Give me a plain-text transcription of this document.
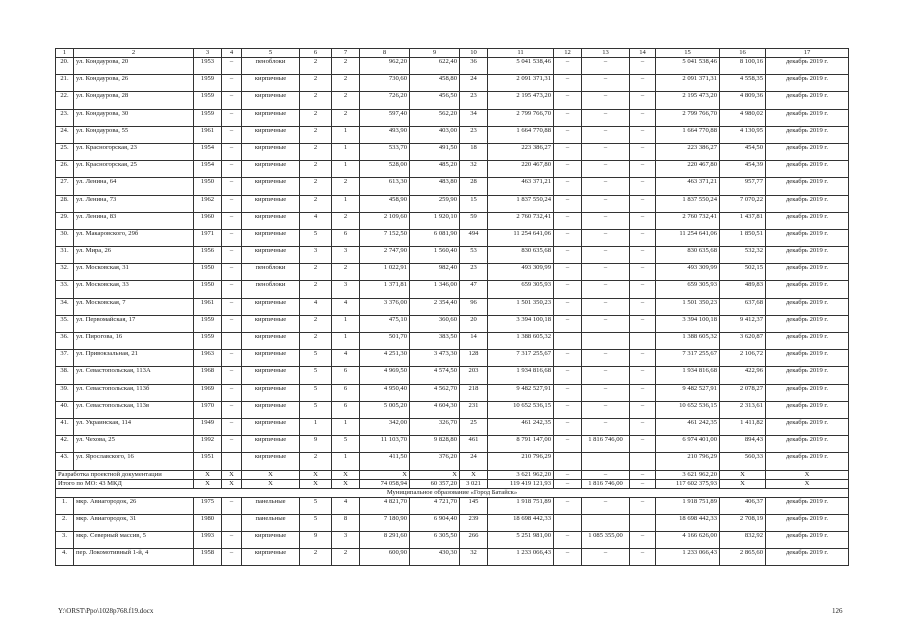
1	2	3	4	5	6	7	8	9	10	11	12	13	14	15	16	17
20.	ул. Кондаурова, 20	1953	–	пеноблоки	2	2	962,20	622,40	36	5 041 538,46	–	–	–	5 041 538,46	8 100,16	декабрь 2019 г.
21.	ул. Кондаурова, 26	1959	–	кирпичные	2	2	730,60	458,80	24	2 091 371,31	–	–	–	2 091 371,31	4 558,35	декабрь 2019 г.
22.	ул. Кондаурова, 28	1959	–	кирпичные	2	2	726,20	456,50	23	2 195 473,20	–	–	–	2 195 473,20	4 809,36	декабрь 2019 г.
23.	ул. Кондаурова, 30	1959	–	кирпичные	2	2	597,40	562,20	34	2 799 766,70	–	–	–	2 799 766,70	4 980,02	декабрь 2019 г.
24.	ул. Кондаурова, 55	1961	–	кирпичные	2	1	493,90	403,00	23	1 664 770,88	–	–	–	1 664 770,88	4 130,95	декабрь 2019 г.
25.	ул. Красногорская, 23	1954	–	кирпичные	2	1	533,70	491,50	18	223 386,27	–	–	–	223 386,27	454,50	декабрь 2019 г.
26.	ул. Красногорская, 25	1954	–	кирпичные	2	1	528,00	485,20	32	220 467,80	–	–	–	220 467,80	454,39	декабрь 2019 г.
27.	ул. Ленина, 64	1950	–	кирпичные	2	2	613,30	483,80	28	463 371,21	–	–	–	463 371,21	957,77	декабрь 2019 г.
28.	ул. Ленина, 73	1962	–	кирпичные	2	1	458,90	259,90	15	1 837 550,24	–	–	–	1 837 550,24	7 070,22	декабрь 2019 г.
29.	ул. Ленина, 83	1960	–	кирпичные	4	2	2 109,60	1 920,10	59	2 760 732,41	–	–	–	2 760 732,41	1 437,81	декабрь 2019 г.
30.	ул. Макаровского, 29б	1971	–	кирпичные	5	6	7 152,50	6 081,90	494	11 254 641,06	–	–	–	11 254 641,06	1 850,51	декабрь 2019 г.
31.	ул. Мира, 26	1956	–	кирпичные	3	3	2 747,90	1 560,40	53	830 635,68	–	–	–	830 635,68	532,32	декабрь 2019 г.
32.	ул. Московская, 31	1950	–	пеноблоки	2	2	1 022,91	982,40	23	493 309,99	–	–	–	493 309,99	502,15	декабрь 2019 г.
33.	ул. Московская, 33	1950	–	пеноблоки	2	3	1 371,81	1 346,00	47	659 305,93	–	–	–	659 305,93	489,83	декабрь 2019 г.
34.	ул. Московская, 7	1961	–	кирпичные	4	4	3 376,00	2 354,40	96	1 501 350,23	–	–	–	1 501 350,23	637,68	декабрь 2019 г.
35.	ул. Первомайская, 17	1959	–	кирпичные	2	1	475,10	360,60	20	3 394 100,18	–	–	–	3 394 100,18	9 412,37	декабрь 2019 г.
36.	ул. Пирогова, 16	1959		кирпичные	2	1	501,70	383,50	14	1 388 605,32				1 388 605,32	3 620,87	декабрь 2019 г.
37.	ул. Привокзальная, 21	1963	–	кирпичные	5	4	4 251,30	3 473,30	128	7 317 255,67	–	–	–	7 317 255,67	2 106,72	декабрь 2019 г.
38.	ул. Севастопольская, 113А	1968	–	кирпичные	5	6	4 969,50	4 574,50	203	1 934 816,68	–	–	–	1 934 816,68	422,96	декабрь 2019 г.
39.	ул. Севастопольская, 113б	1969	–	кирпичные	5	6	4 950,40	4 562,70	218	9 482 527,91	–	–	–	9 482 527,91	2 078,27	декабрь 2019 г.
40.	ул. Севастопольская, 113в	1970	–	кирпичные	5	6	5 005,20	4 604,30	231	10 652 536,15	–	–	–	10 652 536,15	2 313,61	декабрь 2019 г.
41.	ул. Украинская, 114	1949	–	кирпичные	1	1	342,00	326,70	25	461 242,35	–	–	–	461 242,35	1 411,82	декабрь 2019 г.
42.	ул. Чехова, 25	1992	–	кирпичные	9	5	11 103,70	9 828,80	461	8 791 147,00	–	1 816 746,00	–	6 974 401,00	894,43	декабрь 2019 г.
43.	ул. Ярославского, 16	1951		кирпичные	2	1	411,50	376,20	24	210 796,29				210 796,29	560,33	декабрь 2019 г.
Разработка проектной документации		X	X	X	X	X	X	X	X	3 621 962,20	–	–	–	3 621 962,20	X	X
Итого по МО: 43 МКД		X	X	X	X	X	74 058,94	60 357,20	3 021	119 419 121,93	–	1 816 746,00	–	117 602 375,93	X	X
Муниципальное образование «Город Батайск»																
1.	мкр. Авиагородок, 26	1975	–	панельные	5	4	4 821,70	4 721,70	145	1 918 751,89	–	–	–	1 918 751,89	406,37	декабрь 2019 г.
2.	мкр. Авиагородок, 31	1980		панельные	5	8	7 180,90	6 904,40	239	18 698 442,33				18 698 442,33	2 708,19	декабрь 2019 г.
3.	мкр. Северный массив, 5	1993	–	кирпичные	9	3	8 291,60	6 305,50	266	5 251 981,00	–	1 085 355,00	–	4 166 626,00	832,92	декабрь 2019 г.
4.	пер. Локомотивный 1-й, 4	1958	–	кирпичные	2	2	600,90	430,30	32	1 233 066,43	–	–	–	1 233 066,43	2 865,60	декабрь 2019 г.
Y:\ORST\Ppo\1028p768.f19.docx	126
